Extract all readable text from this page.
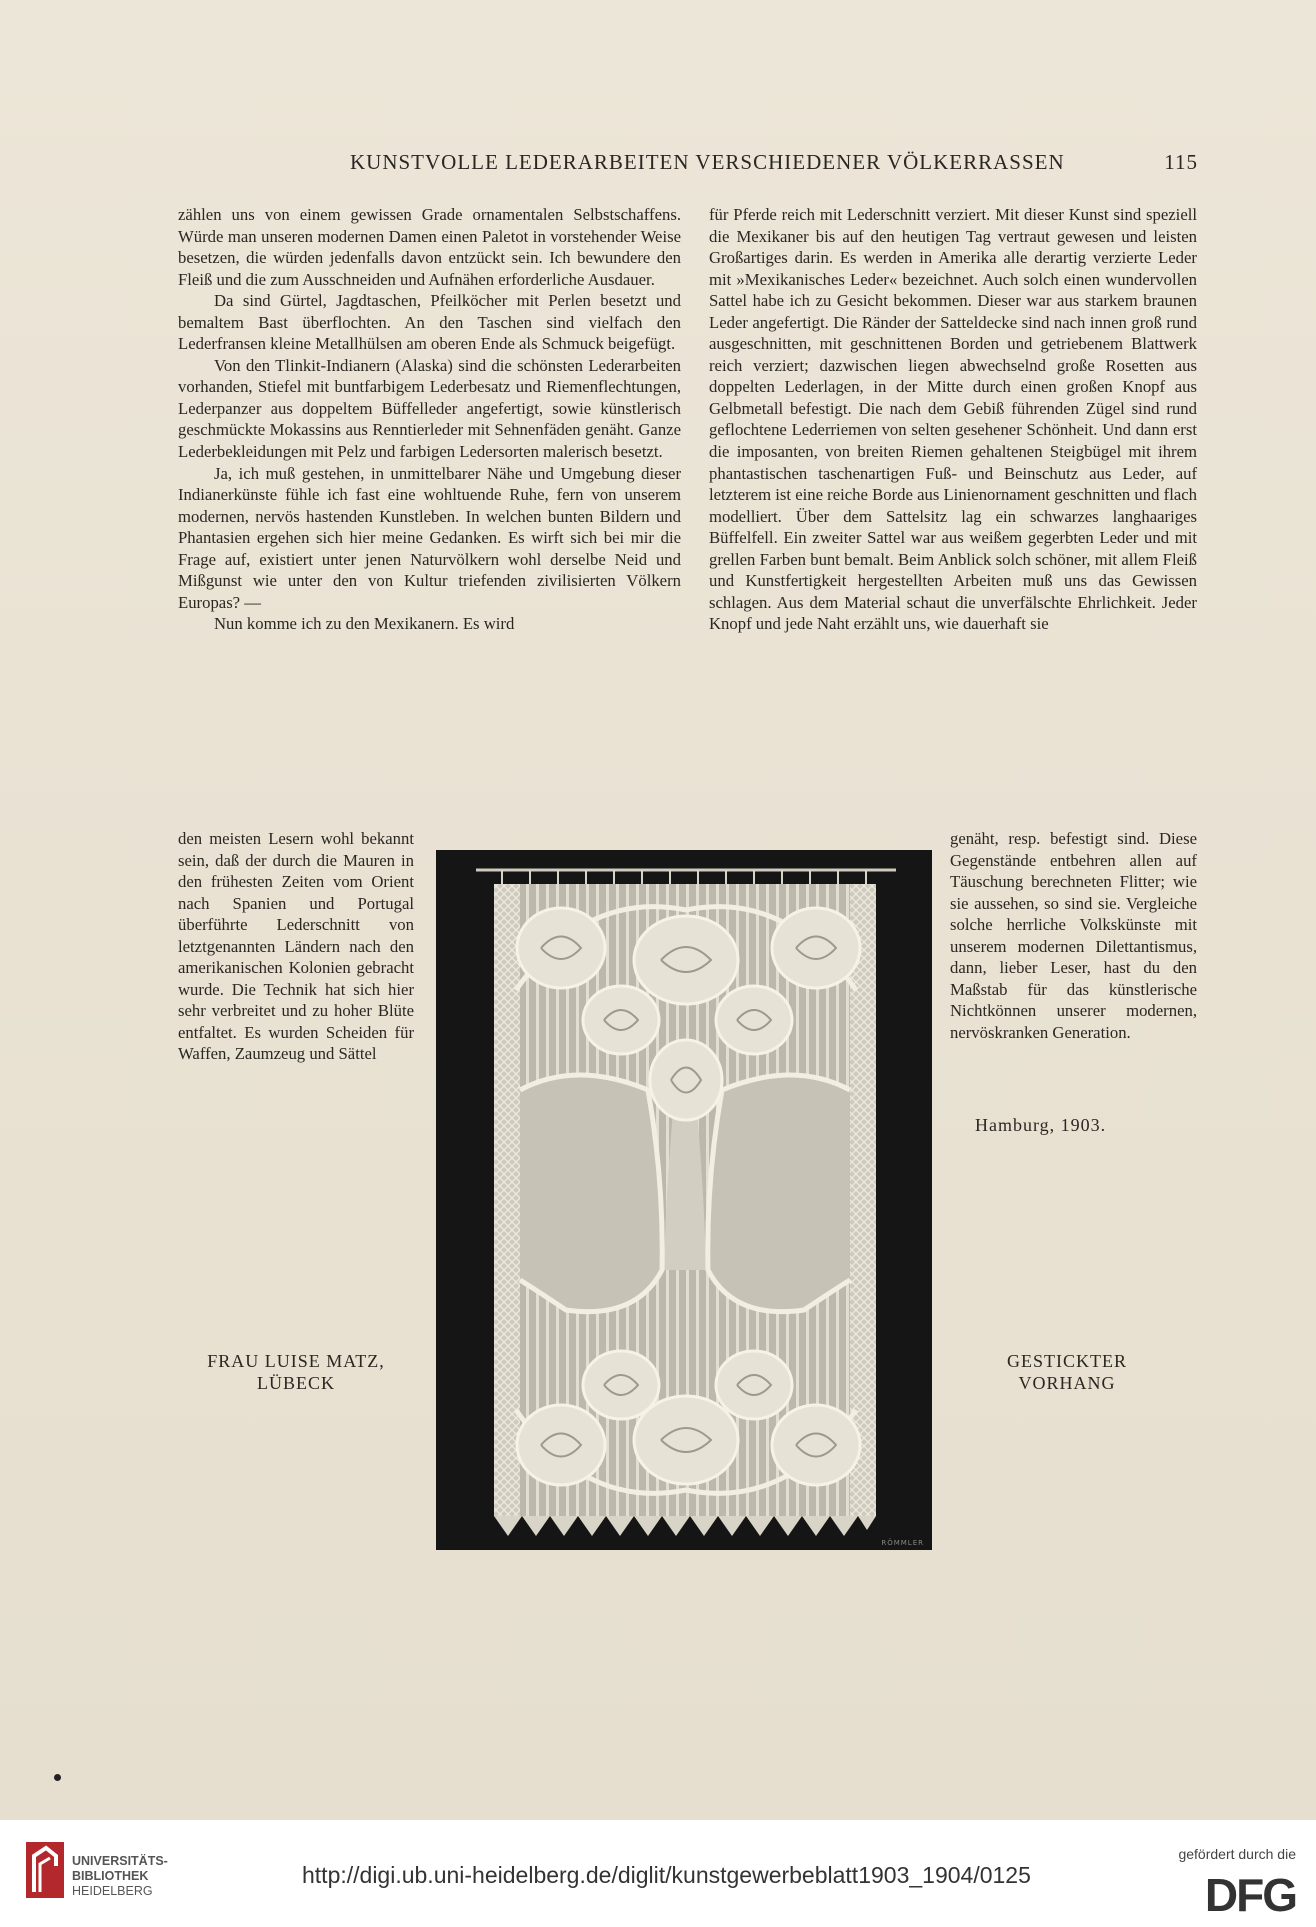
KUNSTVOLLE LEDERARBEITEN VERSCHIEDENER VÖLKERRASSEN	115

zählen uns von einem gewissen Grade ornamentalen Selbstschaffens. Würde man unseren modernen Damen einen Paletot in vorstehender Weise besetzen, die würden jedenfalls davon entzückt sein. Ich bewundere den Fleiß und die zum Ausschneiden und Aufnähen erforderliche Ausdauer.

Da sind Gürtel, Jagdtaschen, Pfeilköcher mit Perlen besetzt und bemaltem Bast überflochten. An den Taschen sind vielfach den Lederfransen kleine Metallhülsen am oberen Ende als Schmuck beigefügt.

Von den Tlinkit-Indianern (Alaska) sind die schönsten Lederarbeiten vorhanden, Stiefel mit buntfarbigem Lederbesatz und Riemenflechtungen, Lederpanzer aus doppeltem Büffelleder angefertigt, sowie künstlerisch geschmückte Mokassins aus Renntierleder mit Sehnenfäden genäht. Ganze Lederbekleidungen mit Pelz und farbigen Ledersorten malerisch besetzt.

Ja, ich muß gestehen, in unmittelbarer Nähe und Umgebung dieser Indianerkünste fühle ich fast eine wohltuende Ruhe, fern von unserem modernen, nervös hastenden Kunstleben. In welchen bunten Bildern und Phantasien ergehen sich hier meine Gedanken. Es wirft sich bei mir die Frage auf, existiert unter jenen Naturvölkern wohl derselbe Neid und Mißgunst wie unter den von Kultur triefenden zivilisierten Völkern Europas? —

Nun komme ich zu den Mexikanern. Es wird

den meisten Lesern wohl bekannt sein, daß der durch die Mauren in den frühesten Zeiten vom Orient nach Spanien und Portugal überführte Lederschnitt von letztgenannten Ländern nach den amerikanischen Kolonien gebracht wurde. Die Technik hat sich hier sehr verbreitet und zu hoher Blüte entfaltet. Es wurden Scheiden für Waffen, Zaumzeug und Sättel

für Pferde reich mit Lederschnitt verziert. Mit dieser Kunst sind speziell die Mexikaner bis auf den heutigen Tag vertraut gewesen und leisten Großartiges darin. Es werden in Amerika alle derartig verzierte Leder mit »Mexikanisches Leder« bezeichnet. Auch solch einen wundervollen Sattel habe ich zu Gesicht bekommen. Dieser war aus starkem braunen Leder angefertigt. Die Ränder der Satteldecke sind nach innen groß rund ausgeschnitten, mit geschnittenen Borden und getriebenem Blattwerk reich verziert; dazwischen liegen abwechselnd große Rosetten aus doppelten Lederlagen, in der Mitte durch einen großen Knopf aus Gelbmetall befestigt. Die nach dem Gebiß führenden Zügel sind rund geflochtene Lederriemen von selten gesehener Schönheit. Und dann erst die imposanten, von breiten Riemen gehaltenen Steigbügel mit ihrem phantastischen taschenartigen Fuß- und Beinschutz aus Leder, auf letzterem ist eine reiche Borde aus Linienornament geschnitten und flach modelliert. Über dem Sattelsitz lag ein schwarzes langhaariges Büffelfell. Ein zweiter Sattel war aus weißem gegerbten Leder und mit grellen Farben bunt bemalt. Beim Anblick solch schöner, mit allem Fleiß und Kunstfertigkeit hergestellten Arbeiten muß uns das Gewissen schlagen. Aus dem Material schaut die unverfälschte Ehrlichkeit. Jeder Knopf und jede Naht erzählt uns, wie dauerhaft sie

genäht, resp. befestigt sind. Diese Gegenstände entbehren allen auf Täuschung berechneten Flitter; wie sie aussehen, so sind sie. Vergleiche solche herrliche Volkskünste mit unserem modernen Dilettantismus, dann, lieber Leser, hast du den Maßstab für das künstlerische Nichtkönnen unserer modernen, nervöskranken Generation.

Hamburg, 1903.
RÖMMLER
FRAU LUISE MATZ,
LÜBECK
GESTICKTER
VORHANG
UNIVERSITÄTS-
BIBLIOTHEK
HEIDELBERG
http://digi.ub.uni-heidelberg.de/diglit/kunstgewerbeblatt1903_1904/0125
gefördert durch die
DFG
